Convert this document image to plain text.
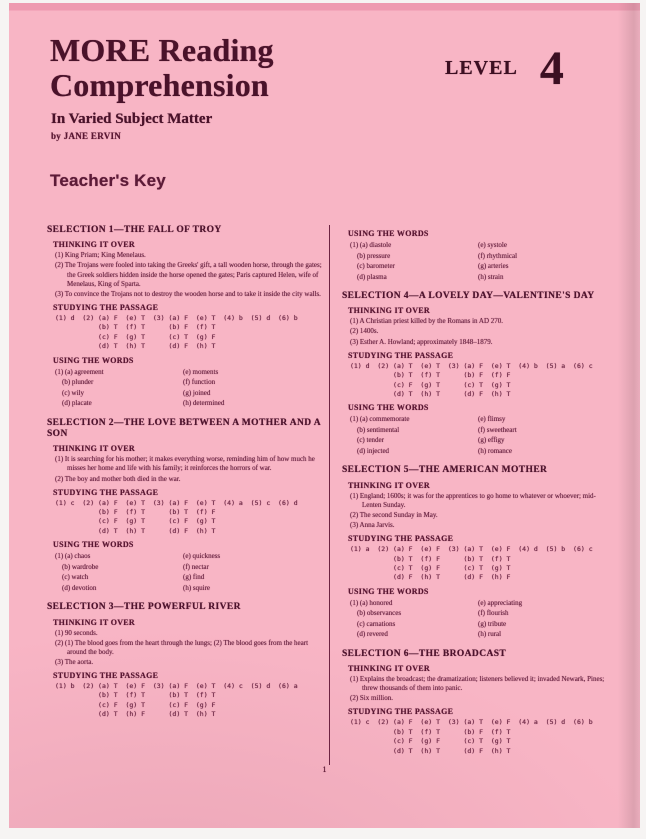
MORE Reading
Comprehension
In Varied Subject Matter
by JANE ERVIN
LEVEL 4
Teacher's Key
SELECTION 1—THE FALL OF TROY
THINKING IT OVER
(1) King Priam; King Menelaus.
(2) The Trojans were fooled into taking the Greeks' gift, a tall wooden horse, through the gates; the Greek soldiers hidden inside the horse opened the gates; Paris captured Helen, wife of Menelaus, King of Sparta.
(3) To convince the Trojans not to destroy the wooden horse and to take it inside the city walls.
STUDYING THE PASSAGE
(1) d  (2) (a) F  (e) T  (3) (a) F  (e) T  (4) b  (5) d  (6) b
(b) T  (f) T      (b) F  (f) T
(c) F  (g) T      (c) T  (g) F
(d) T  (h) T      (d) F  (h) T
USING THE WORDS
(1) (a) agreement	(e) moments
(b) plunder	(f) function
(c) wily	(g) joined
(d) placate	(h) determined
SELECTION 2—THE LOVE BETWEEN A MOTHER AND A SON
THINKING IT OVER
(1) It is searching for his mother; it makes everything worse, reminding him of how much he misses her home and life with his family; it reinforces the horrors of war.
(2) The boy and mother both died in the war.
STUDYING THE PASSAGE
(1) c  (2) (a) F  (e) T  (3) (a) F  (e) T  (4) a  (5) c  (6) d
(b) F  (f) T      (b) T  (f) F
(c) F  (g) T      (c) F  (g) T
(d) T  (h) T      (d) F  (h) T
USING THE WORDS
(1) (a) chaos	(e) quickness
(b) wardrobe	(f) nectar
(c) watch	(g) find
(d) devotion	(h) squire
SELECTION 3—THE POWERFUL RIVER
THINKING IT OVER
(1) 90 seconds.
(2) (1) The blood goes from the heart through the lungs; (2) The blood goes from the heart around the body.
(3) The aorta.
STUDYING THE PASSAGE
(1) b  (2) (a) T  (e) F  (3) (a) F  (e) T  (4) c  (5) d  (6) a
(b) T  (f) T      (b) T  (f) T
(c) F  (g) T      (c) F  (g) F
(d) T  (h) F      (d) T  (h) T
USING THE WORDS
(1) (a) diastole	(e) systole
(b) pressure	(f) rhythmical
(c) barometer	(g) arteries
(d) plasma	(h) strain
SELECTION 4—A LOVELY DAY—VALENTINE'S DAY
THINKING IT OVER
(1) A Christian priest killed by the Romans in AD 270.
(2) 1400s.
(3) Esther A. Howland; approximately 1848–1879.
STUDYING THE PASSAGE
(1) d  (2) (a) T  (e) T  (3) (a) F  (e) T  (4) b  (5) a  (6) c
(b) T  (f) T      (b) F  (f) F
(c) F  (g) T      (c) T  (g) T
(d) T  (h) T      (d) F  (h) T
USING THE WORDS
(1) (a) commemorate	(e) flimsy
(b) sentimental	(f) sweetheart
(c) tender	(g) effigy
(d) injected	(h) romance
SELECTION 5—THE AMERICAN MOTHER
THINKING IT OVER
(1) England; 1600s; it was for the apprentices to go home to whatever or whoever; mid-Lenten Sunday.
(2) The second Sunday in May.
(3) Anna Jarvis.
STUDYING THE PASSAGE
(1) a  (2) (a) F  (e) F  (3) (a) T  (e) F  (4) d  (5) b  (6) c
(b) T  (f) F      (b) T  (f) T
(c) T  (g) F      (c) T  (g) T
(d) F  (h) T      (d) F  (h) F
USING THE WORDS
(1) (a) honored	(e) appreciating
(b) observances	(f) flourish
(c) carnations	(g) tribute
(d) revered	(h) rural
SELECTION 6—THE BROADCAST
THINKING IT OVER
(1) Explains the broadcast; the dramatization; listeners believed it; invaded Newark, Pines; threw thousands of them into panic.
(2) Six million.
STUDYING THE PASSAGE
(1) c  (2) (a) F  (e) T  (3) (a) T  (e) F  (4) a  (5) d  (6) b
(b) T  (f) T      (b) F  (f) T
(c) F  (g) F      (c) T  (g) T
(d) T  (h) T      (d) F  (h) T
1
